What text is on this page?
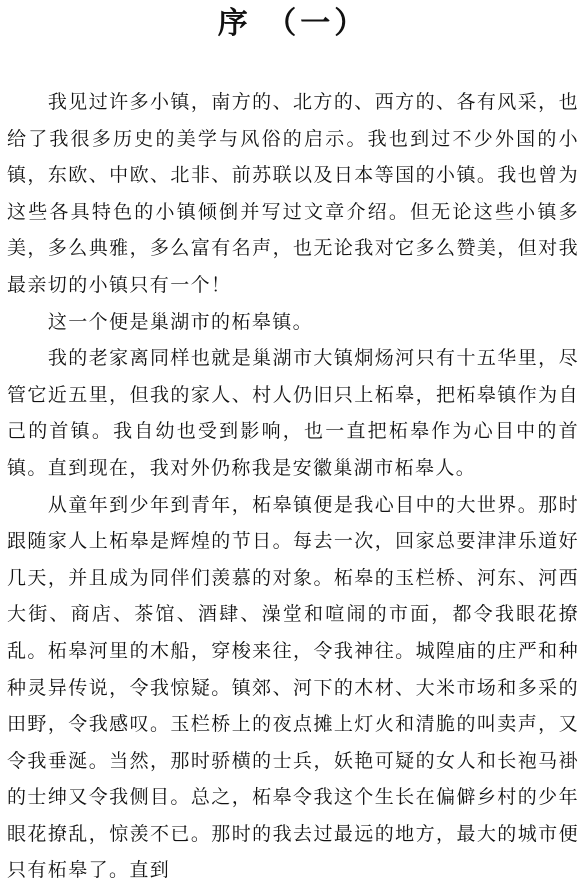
序 （一）

我见过许多小镇，南方的、北方的、西方的、各有风采，也给了我很多历史的美学与风俗的启示。我也到过不少外国的小镇，东欧、中欧、北非、前苏联以及日本等国的小镇。我也曾为这些各具特色的小镇倾倒并写过文章介绍。但无论这些小镇多美，多么典雅，多么富有名声，也无论我对它多么赞美，但对我最亲切的小镇只有一个！

这一个便是巢湖市的柘皋镇。

我的老家离同样也就是巢湖市大镇烔炀河只有十五华里，尽管它近五里，但我的家人、村人仍旧只上柘皋，把柘皋镇作为自己的首镇。我自幼也受到影响，也一直把柘皋作为心目中的首镇。直到现在，我对外仍称我是安徽巢湖市柘皋人。

从童年到少年到青年，柘皋镇便是我心目中的大世界。那时跟随家人上柘皋是辉煌的节日。每去一次，回家总要津津乐道好几天，并且成为同伴们羡慕的对象。柘皋的玉栏桥、河东、河西大街、商店、茶馆、酒肆、澡堂和喧闹的市面，都令我眼花撩乱。柘皋河里的木船，穿梭来往，令我神往。城隍庙的庄严和种种灵异传说，令我惊疑。镇郊、河下的木材、大米市场和多采的田野，令我感叹。玉栏桥上的夜点摊上灯火和清脆的叫卖声，又令我垂涎。当然，那时骄横的士兵，妖艳可疑的女人和长袍马褂的士绅又令我侧目。总之，柘皋令我这个生长在偏僻乡村的少年眼花撩乱，惊羡不已。那时的我去过最远的地方，最大的城市便只有柘皋了。直到
